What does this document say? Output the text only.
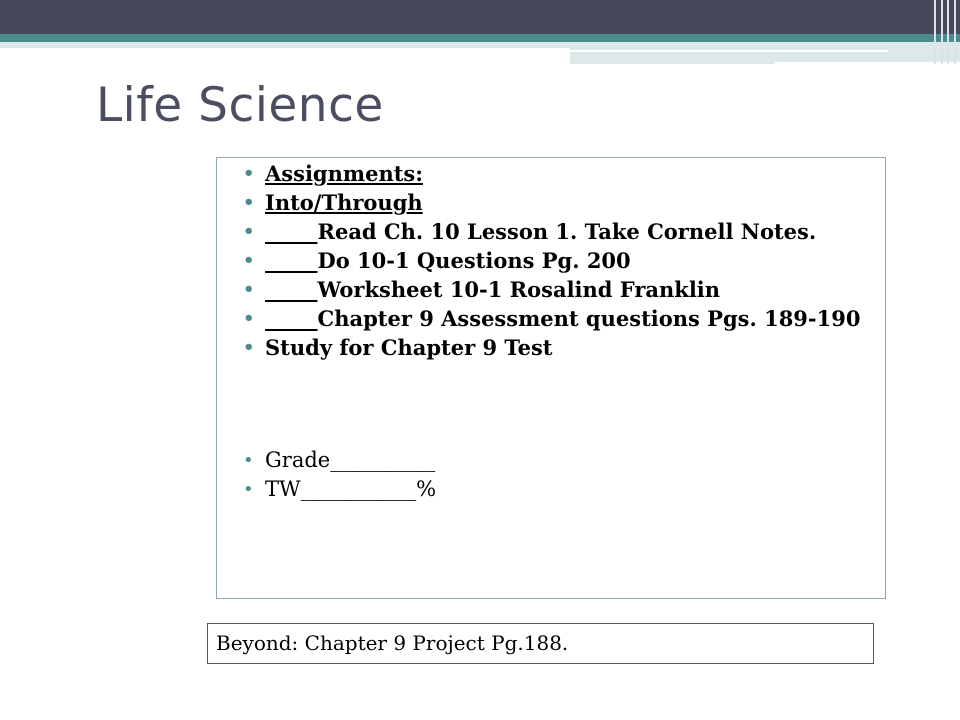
Life Science
• Assignments:
• Into/Through
• _____Read Ch. 10 Lesson 1. Take Cornell Notes.
• _____Do 10-1 Questions Pg. 200
• _____Worksheet 10-1 Rosalind Franklin
• _____Chapter 9 Assessment questions Pgs. 189-190
• Study for Chapter 9 Test
• Grade__________
• TW___________%
Beyond: Chapter 9 Project Pg.188.
